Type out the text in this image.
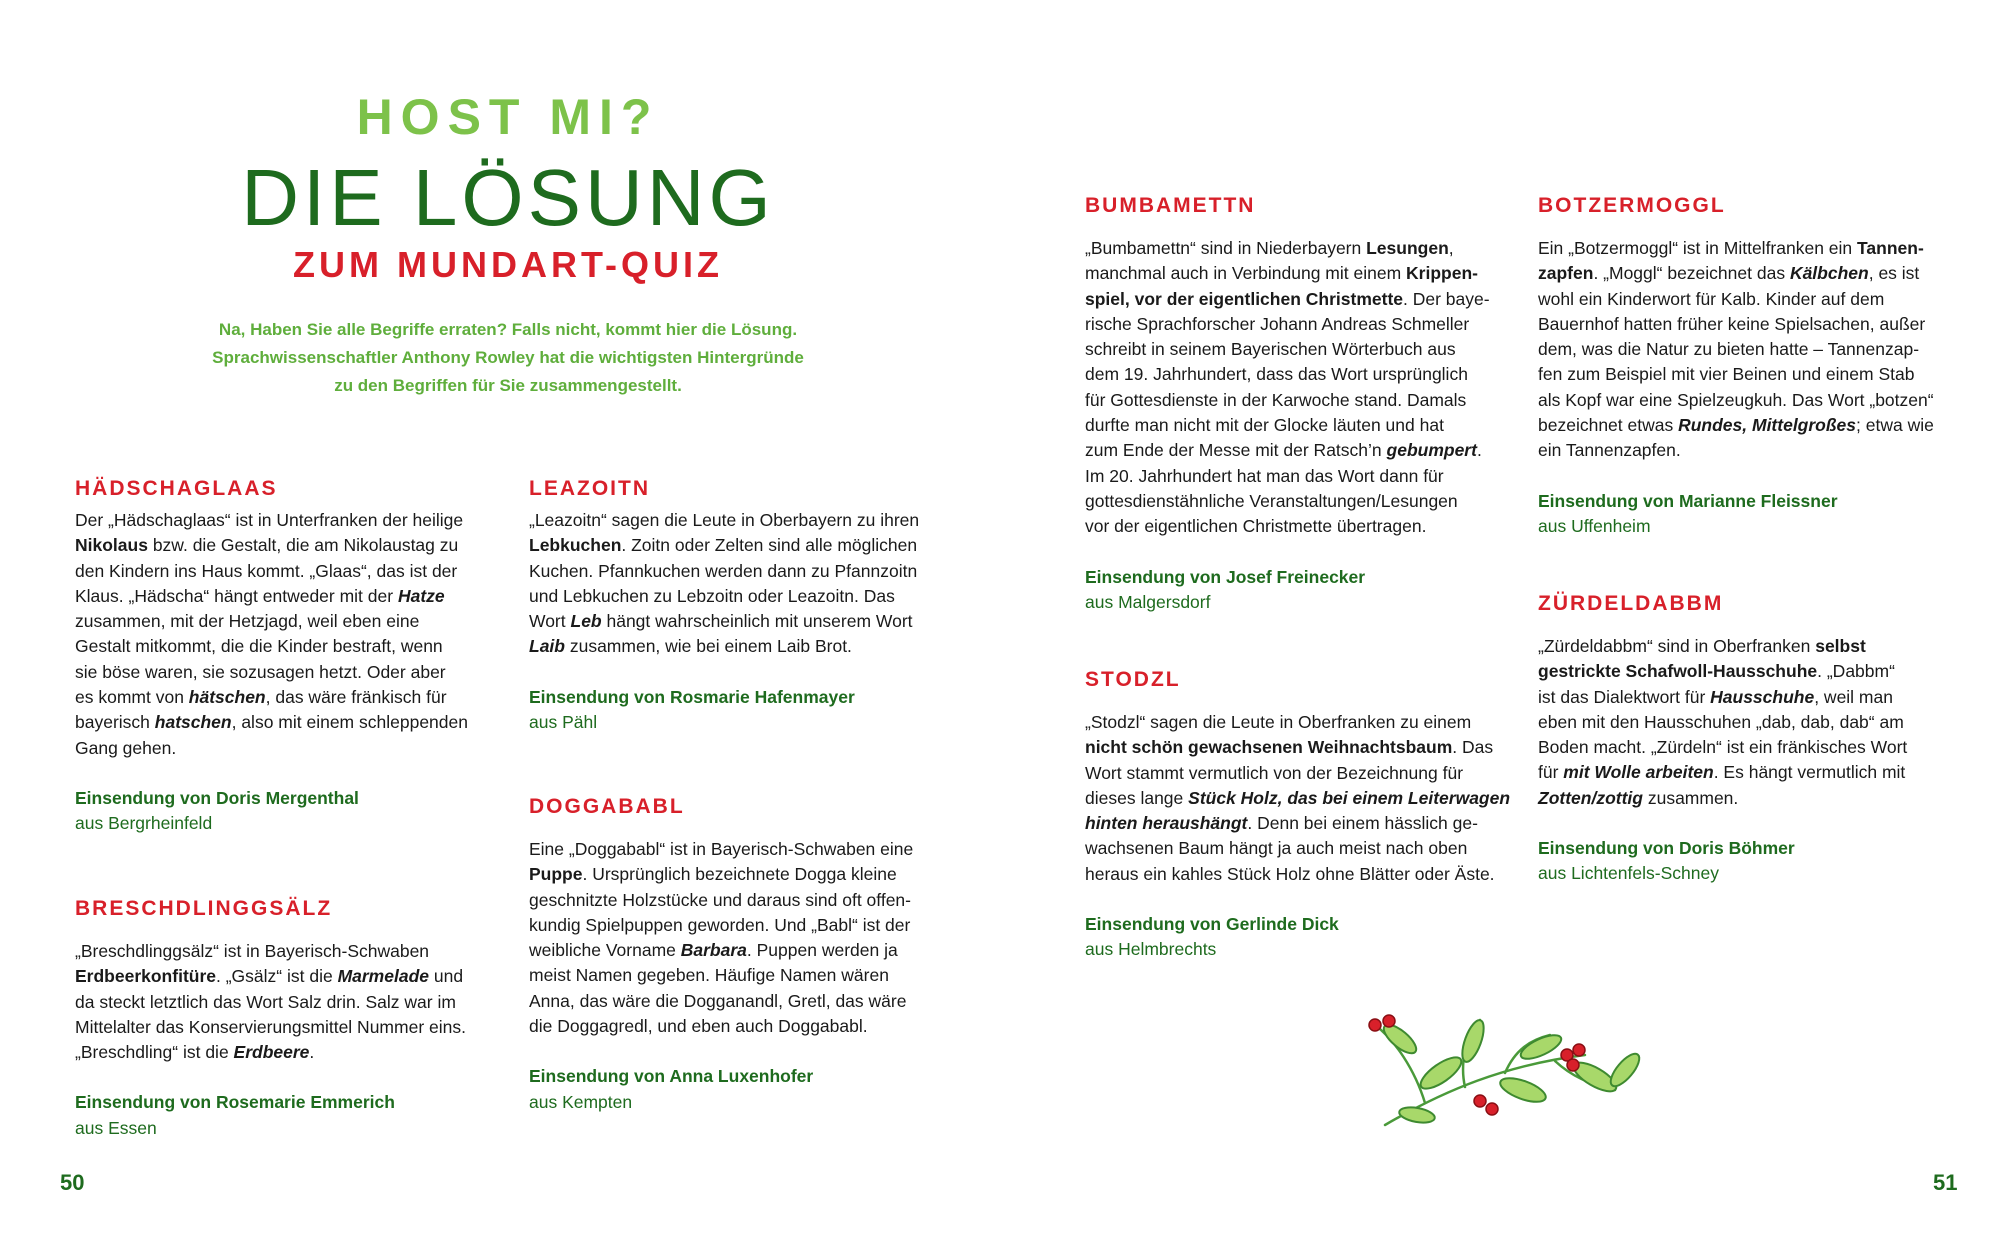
HOST MI?
DIE LÖSUNG
ZUM MUNDART-QUIZ
Na, Haben Sie alle Begriffe erraten? Falls nicht, kommt hier die Lösung.
Sprachwissenschaftler Anthony Rowley hat die wichtigsten Hintergründe
zu den Begriffen für Sie zusammengestellt.
HÄDSCHAGLAAS
Der „Hädschaglaas“ ist in Unterfranken der heilige
Nikolaus bzw. die Gestalt, die am Nikolaustag zu
den Kindern ins Haus kommt. „Glaas“, das ist der
Klaus. „Hädscha“ hängt entweder mit der Hatze
zusammen, mit der Hetzjagd, weil eben eine
Gestalt mitkommt, die die Kinder bestraft, wenn
sie böse waren, sie sozusagen hetzt. Oder aber
es kommt von hätschen, das wäre fränkisch für
bayerisch hatschen, also mit einem schleppenden
Gang gehen.
Einsendung von Doris Mergenthal
aus Bergrheinfeld
BRESCHDLINGGSÄLZ
„Breschdlinggsälz“ ist in Bayerisch-Schwaben
Erdbeerkonfitüre. „Gsälz“ ist die Marmelade und
da steckt letztlich das Wort Salz drin. Salz war im
Mittelalter das Konservierungsmittel Nummer eins.
„Breschdling“ ist die Erdbeere.
Einsendung von Rosemarie Emmerich
aus Essen
LEAZOITN
„Leazoitn“ sagen die Leute in Oberbayern zu ihren
Lebkuchen. Zoitn oder Zelten sind alle möglichen
Kuchen. Pfannkuchen werden dann zu Pfannzoitn
und Lebkuchen zu Lebzoitn oder Leazoitn. Das
Wort Leb hängt wahrscheinlich mit unserem Wort
Laib zusammen, wie bei einem Laib Brot.
Einsendung von Rosmarie Hafenmayer
aus Pähl
DOGGABABL
Eine „Doggababl“ ist in Bayerisch-Schwaben eine
Puppe. Ursprünglich bezeichnete Dogga kleine
geschnitzte Holzstücke und daraus sind oft offen-
kundig Spielpuppen geworden. Und „Babl“ ist der
weibliche Vorname Barbara. Puppen werden ja
meist Namen gegeben. Häufige Namen wären
Anna, das wäre die Dogganandl, Gretl, das wäre
die Doggagredl, und eben auch Doggababl.
Einsendung von Anna Luxenhofer
aus Kempten
BUMBAMETTN
„Bumbamettn“ sind in Niederbayern Lesungen,
manchmal auch in Verbindung mit einem Krippen-
spiel, vor der eigentlichen Christmette. Der baye-
rische Sprachforscher Johann Andreas Schmeller
schreibt in seinem Bayerischen Wörterbuch aus
dem 19. Jahrhundert, dass das Wort ursprünglich
für Gottesdienste in der Karwoche stand. Damals
durfte man nicht mit der Glocke läuten und hat
zum Ende der Messe mit der Ratsch’n gebumpert.
Im 20. Jahrhundert hat man das Wort dann für
gottesdienstähnliche Veranstaltungen/Lesungen
vor der eigentlichen Christmette übertragen.
Einsendung von Josef Freinecker
aus Malgersdorf
STODZL
„Stodzl“ sagen die Leute in Oberfranken zu einem
nicht schön gewachsenen Weihnachtsbaum. Das
Wort stammt vermutlich von der Bezeichnung für
dieses lange Stück Holz, das bei einem Leiterwagen
hinten heraushängt. Denn bei einem hässlich ge-
wachsenen Baum hängt ja auch meist nach oben
heraus ein kahles Stück Holz ohne Blätter oder Äste.
Einsendung von Gerlinde Dick
aus Helmbrechts
BOTZERMOGGL
Ein „Botzermoggl“ ist in Mittelfranken ein Tannen-
zapfen. „Moggl“ bezeichnet das Kälbchen, es ist
wohl ein Kinderwort für Kalb. Kinder auf dem
Bauernhof hatten früher keine Spielsachen, außer
dem, was die Natur zu bieten hatte – Tannenzap-
fen zum Beispiel mit vier Beinen und einem Stab
als Kopf war eine Spielzeugkuh. Das Wort „botzen“
bezeichnet etwas Rundes, Mittelgroßes; etwa wie
ein Tannenzapfen.
Einsendung von Marianne Fleissner
aus Uffenheim
ZÜRDELDABBM
„Zürdeldabbm“ sind in Oberfranken selbst
gestrickte Schafwoll-Hausschuhe. „Dabbm“
ist das Dialektwort für Hausschuhe, weil man
eben mit den Hausschuhen „dab, dab, dab“ am
Boden macht. „Zürdeln“ ist ein fränkisches Wort
für mit Wolle arbeiten. Es hängt vermutlich mit
Zotten/zottig zusammen.
Einsendung von Doris Böhmer
aus Lichtenfels-Schney
50	51
